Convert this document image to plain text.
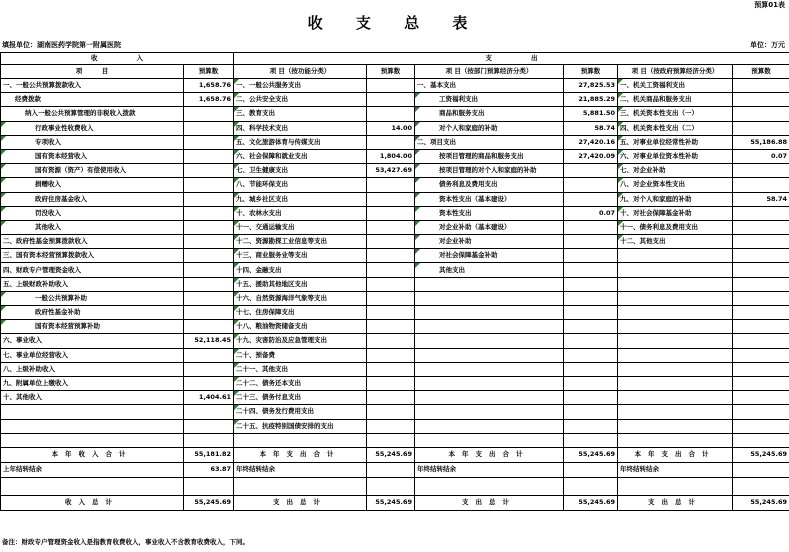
预算01表
收 支 总 表
填报单位：湖南医药学院第一附属医院	单位：万元
收　　　　　　入		支　　　　　　出					
项　　　目	预算数	项 目（按功能分类）	预算数	项 目（按部门预算经济分类）	预算数	项 目（按政府预算经济分类）	预算数
一、一般公共预算拨款收入	1,658.76	一、一般公共服务支出		一、基本支出	27,825.53	一、机关工资福利支出	
经费拨款	1,658.76	二、公共安全支出		工资福利支出	21,885.29	二、机关商品和服务支出	
纳入一般公共预算管理的非税收入拨款		三、教育支出		商品和服务支出	5,881.50	三、机关资本性支出（一）	
行政事业性收费收入		四、科学技术支出	14.00	对个人和家庭的补助	58.74	四、机关资本性支出（二）	
专项收入		五、文化旅游体育与传媒支出		二、项目支出	27,420.16	五、对事业单位经常性补助	55,186.88
国有资本经营收入		六、社会保障和就业支出	1,804.00	按项目管理的商品和服务支出	27,420.09	六、对事业单位资本性补助	0.07
国有资源（资产）有偿使用收入		七、卫生健康支出	53,427.69	按项目管理的对个人和家庭的补助		七、对企业补助	
捐赠收入		八、节能环保支出		债务利息及费用支出		八、对企业资本性支出	
政府住房基金收入		九、城乡社区支出		资本性支出（基本建设）		九、对个人和家庭的补助	58.74
罚没收入		十、农林水支出		资本性支出	0.07	十、对社会保障基金补助	
其他收入		十一、交通运输支出		对企业补助（基本建设）		十一、债务利息及费用支出	
二、政府性基金预算拨款收入		十二、资源勘探工业信息等支出		对企业补助		十二、其他支出	
三、国有资本经营预算拨款收入		十三、商业服务业等支出		对社会保障基金补助			
四、财政专户管理资金收入		十四、金融支出		其他支出			
五、上级财政补助收入		十五、援助其他地区支出					
一般公共预算补助		十六、自然资源海洋气象等支出					
政府性基金补助		十七、住房保障支出					
国有资本经营预算补助		十八、粮油物资储备支出					
六、事业收入	52,118.45	十九、灾害防治及应急管理支出					
七、事业单位经营收入		二十、预备费					
八、上级补助收入		二十一、其他支出					
九、附属单位上缴收入		二十二、债务还本支出					
十、其他收入	1,404.61	二十三、债务付息支出					
		二十四、债务发行费用支出					
		二十五、抗疫特别国债安排的支出					

本年收入合计	55,181.82	本年支出合计	55,245.69	本年支出合计	55,245.69	本年支出合计	55,245.69
上年结转结余	63.87	年终结转结余		年终结转结余		年终结转结余	

收入总计	55,245.69	支出总计	55,245.69	支出总计	55,245.69	支出总计	55,245.69
备注：财政专户管理资金收入是指教育收费收入，事业收入不含教育收费收入，下同。
